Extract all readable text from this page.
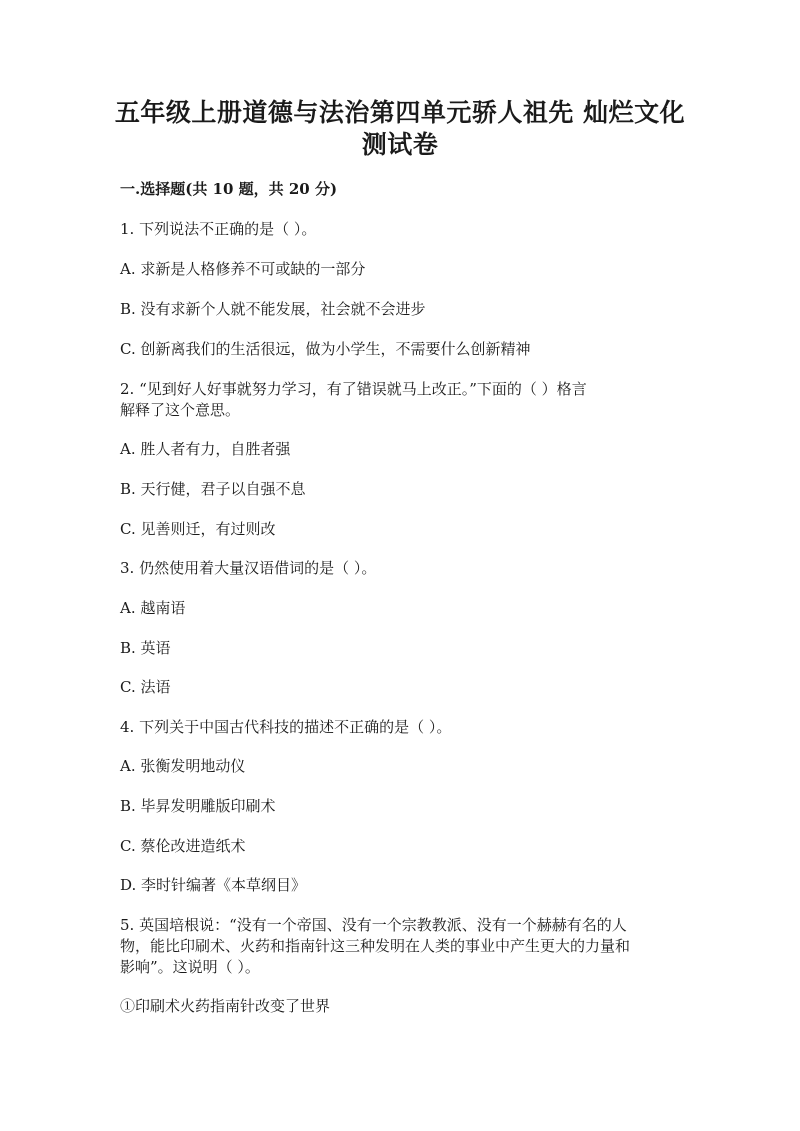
五年级上册道德与法治第四单元骄人祖先 灿烂文化
测试卷
一.选择题(共 10 题，共 20 分)
1. 下列说法不正确的是（ ）。
A. 求新是人格修养不可或缺的一部分
B. 没有求新个人就不能发展，社会就不会进步
C. 创新离我们的生活很远，做为小学生，不需要什么创新精神
2. “见到好人好事就努力学习，有了错误就马上改正。”下面的（ ）格言
解释了这个意思。
A. 胜人者有力，自胜者强
B. 天行健，君子以自强不息
C. 见善则迁，有过则改
3. 仍然使用着大量汉语借词的是（ ）。
A. 越南语
B. 英语
C. 法语
4. 下列关于中国古代科技的描述不正确的是（ ）。
A. 张衡发明地动仪
B. 毕昇发明雕版印刷术
C. 蔡伦改进造纸术
D. 李时针编著《本草纲目》
5. 英国培根说：“没有一个帝国、没有一个宗教教派、没有一个赫赫有名的人
物，能比印刷术、火药和指南针这三种发明在人类的事业中产生更大的力量和
影响”。这说明（ ）。
①印刷术火药指南针改变了世界
